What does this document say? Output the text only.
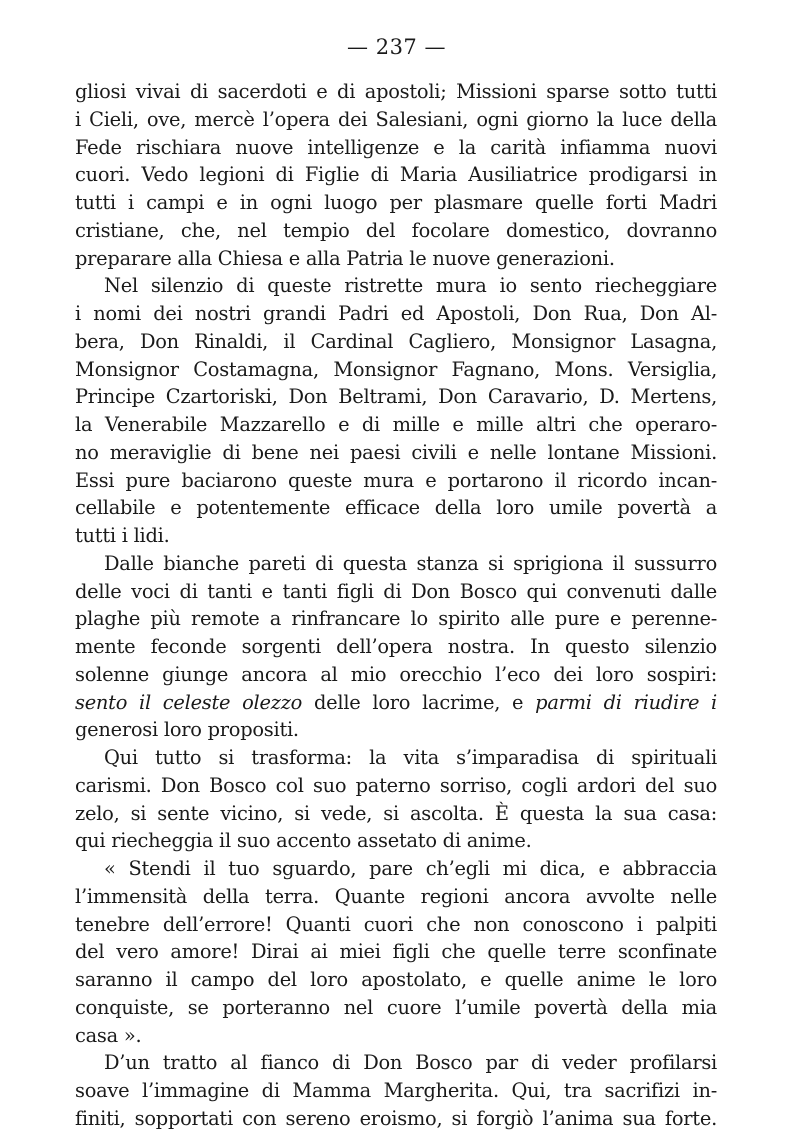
— 237 —
gliosi vivai di sacerdoti e di apostoli; Missioni sparse sotto tutti
i Cieli, ove, mercè l’opera dei Salesiani, ogni giorno la luce della
Fede rischiara nuove intelligenze e la carità infiamma nuovi
cuori. Vedo legioni di Figlie di Maria Ausiliatrice prodigarsi in
tutti i campi e in ogni luogo per plasmare quelle forti Madri
cristiane, che, nel tempio del focolare domestico, dovranno
preparare alla Chiesa e alla Patria le nuove generazioni.
Nel silenzio di queste ristrette mura io sento riecheggiare
i nomi dei nostri grandi Padri ed Apostoli, Don Rua, Don Al-
bera, Don Rinaldi, il Cardinal Cagliero, Monsignor Lasagna,
Monsignor Costamagna, Monsignor Fagnano, Mons. Versiglia,
Principe Czartoriski, Don Beltrami, Don Caravario, D. Mertens,
la Venerabile Mazzarello e di mille e mille altri che operaro-
no meraviglie di bene nei paesi civili e nelle lontane Missioni.
Essi pure baciarono queste mura e portarono il ricordo incan-
cellabile e potentemente efficace della loro umile povertà a
tutti i lidi.
Dalle bianche pareti di questa stanza si sprigiona il sussurro
delle voci di tanti e tanti figli di Don Bosco qui convenuti dalle
plaghe più remote a rinfrancare lo spirito alle pure e perenne-
mente feconde sorgenti dell’opera nostra. In questo silenzio
solenne giunge ancora al mio orecchio l’eco dei loro sospiri:
sento il celeste olezzo delle loro lacrime, e parmi di riudire i
generosi loro propositi.
Qui tutto si trasforma: la vita s’imparadisa di spirituali
carismi. Don Bosco col suo paterno sorriso, cogli ardori del suo
zelo, si sente vicino, si vede, si ascolta. È questa la sua casa:
qui riecheggia il suo accento assetato di anime.
« Stendi il tuo sguardo, pare ch’egli mi dica, e abbraccia
l’immensità della terra. Quante regioni ancora avvolte nelle
tenebre dell’errore! Quanti cuori che non conoscono i palpiti
del vero amore! Dirai ai miei figli che quelle terre sconfinate
saranno il campo del loro apostolato, e quelle anime le loro
conquiste, se porteranno nel cuore l’umile povertà della mia
casa ».
D’un tratto al fianco di Don Bosco par di veder profilarsi
soave l’immagine di Mamma Margherita. Qui, tra sacrifizi in-
finiti, sopportati con sereno eroismo, si forgiò l’anima sua forte.
